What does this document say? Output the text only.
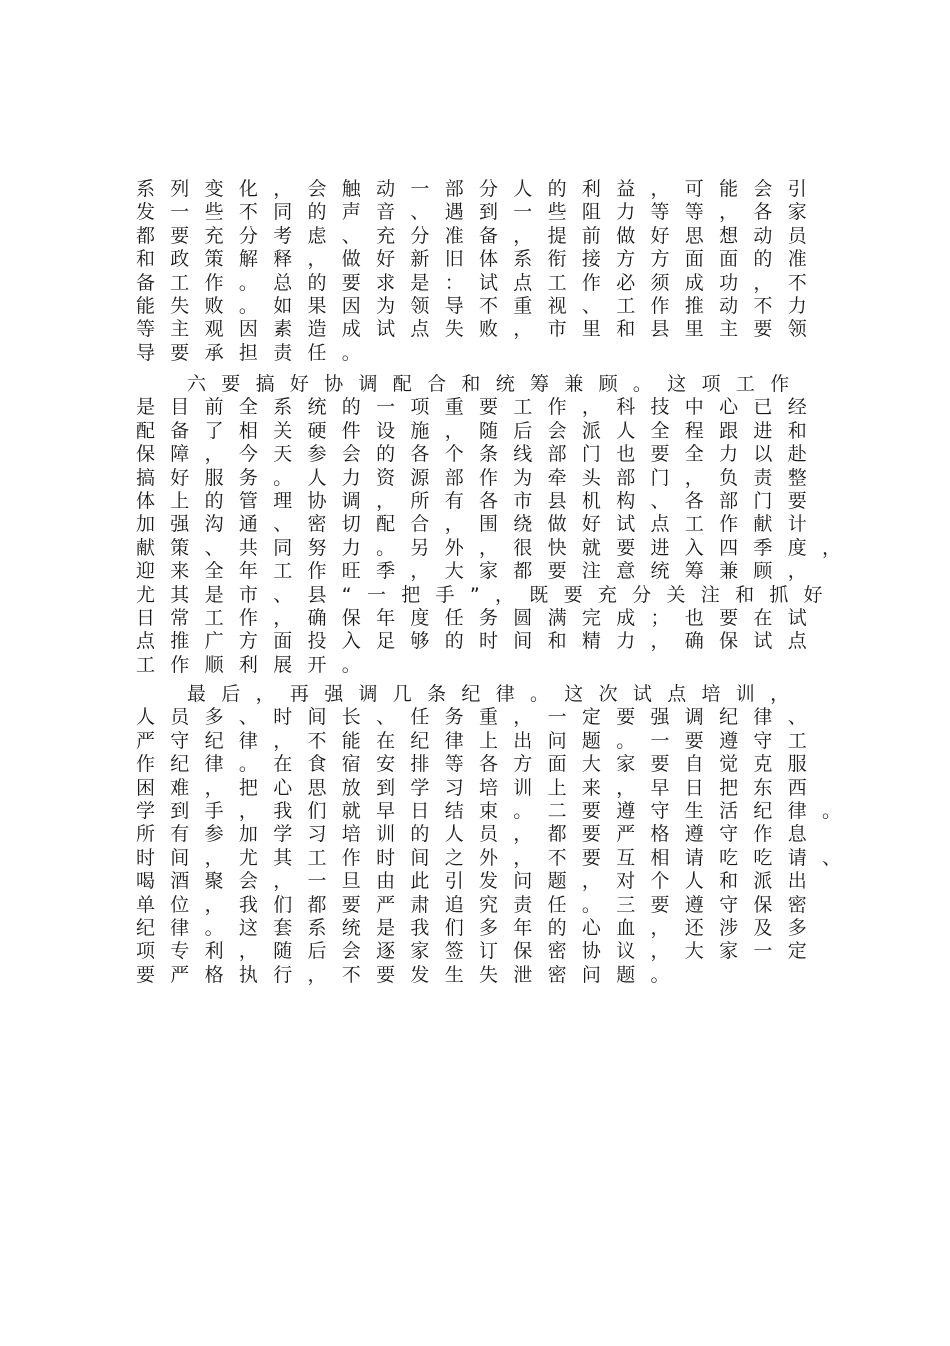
系列变化，会触动一部分人的利益，可能会引
发一些不同的声音、遇到一些阻力等等，各家
都要充分考虑、充分准备，提前做好思想动员
和政策解释，做好新旧体系衔接方方面面的准
备工作。总的要求是：试点工作必须成功，不
能失败。如果因为领导不重视、工作推动不力
等主观因素造成试点失败，市里和县里主要领
导要承担责任。
六要搞好协调配合和统筹兼顾。这项工作
是目前全系统的一项重要工作，科技中心已经
配备了相关硬件设施，随后会派人全程跟进和
保障，今天参会的各个条线部门也要全力以赴
搞好服务。人力资源部作为牵头部门，负责整
体上的管理协调，所有各市县机构、各部门要
加强沟通、密切配合，围绕做好试点工作献计
献策、共同努力。另外，很快就要进入四季度，
迎来全年工作旺季，大家都要注意统筹兼顾，
尤其是市、县“一把手”，既要充分关注和抓好
日常工作，确保年度任务圆满完成；也要在试
点推广方面投入足够的时间和精力，确保试点
工作顺利展开。
最后，再强调几条纪律。这次试点培训，
人员多、时间长、任务重，一定要强调纪律、
严守纪律，不能在纪律上出问题。一要遵守工
作纪律。在食宿安排等各方面大家要自觉克服
困难，把心思放到学习培训上来，早日把东西
学到手，我们就早日结束。二要遵守生活纪律。
所有参加学习培训的人员，都要严格遵守作息
时间，尤其工作时间之外，不要互相请吃吃请、
喝酒聚会，一旦由此引发问题，对个人和派出
单位，我们都要严肃追究责任。三要遵守保密
纪律。这套系统是我们多年的心血，还涉及多
项专利，随后会逐家签订保密协议，大家一定
要严格执行，不要发生失泄密问题。
